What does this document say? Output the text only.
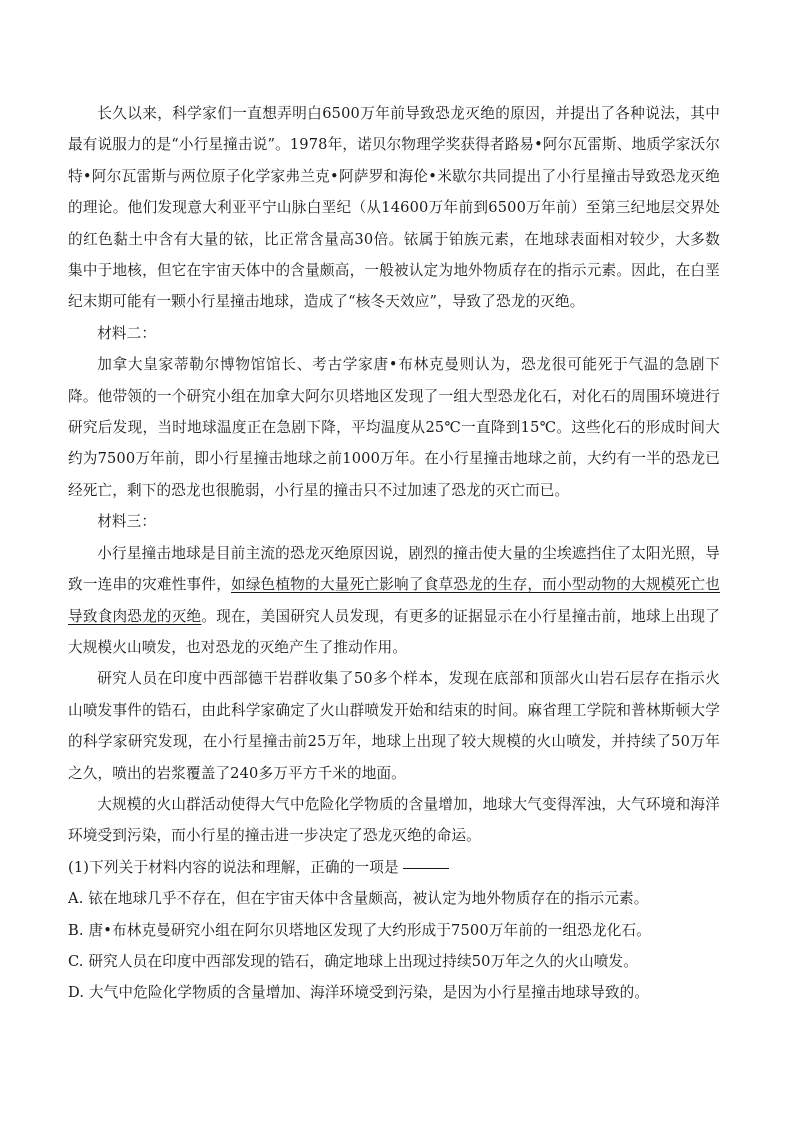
长久以来，科学家们一直想弄明白6500万年前导致恐龙灭绝的原因，并提出了各种说法，其中最有说服力的是“小行星撞击说”。1978年，诺贝尔物理学奖获得者路易•阿尔瓦雷斯、地质学家沃尔特•阿尔瓦雷斯与两位原子化学家弗兰克•阿萨罗和海伦•米歇尔共同提出了小行星撞击导致恐龙灭绝的理论。他们发现意大利亚平宁山脉白垩纪（从14600万年前到6500万年前）至第三纪地层交界处的红色黏土中含有大量的铱，比正常含量高30倍。铱属于铂族元素，在地球表面相对较少，大多数集中于地核，但它在宇宙天体中的含量颇高，一般被认定为地外物质存在的指示元素。因此，在白垩纪末期可能有一颗小行星撞击地球，造成了“核冬天效应”，导致了恐龙的灭绝。

材料二：

加拿大皇家蒂勒尔博物馆馆长、考古学家唐•布林克曼则认为，恐龙很可能死于气温的急剧下降。他带领的一个研究小组在加拿大阿尔贝塔地区发现了一组大型恐龙化石，对化石的周围环境进行研究后发现，当时地球温度正在急剧下降，平均温度从25℃一直降到15℃。这些化石的形成时间大约为7500万年前，即小行星撞击地球之前1000万年。在小行星撞击地球之前，大约有一半的恐龙已经死亡，剩下的恐龙也很脆弱，小行星的撞击只不过加速了恐龙的灭亡而已。

材料三：

小行星撞击地球是目前主流的恐龙灭绝原因说，剧烈的撞击使大量的尘埃遮挡住了太阳光照，导致一连串的灾难性事件，如绿色植物的大量死亡影响了食草恐龙的生存，而小型动物的大规模死亡也导致食肉恐龙的灭绝。现在，美国研究人员发现，有更多的证据显示在小行星撞击前，地球上出现了大规模火山喷发，也对恐龙的灭绝产生了推动作用。

研究人员在印度中西部德干岩群收集了50多个样本，发现在底部和顶部火山岩石层存在指示火山喷发事件的锆石，由此科学家确定了火山群喷发开始和结束的时间。麻省理工学院和普林斯顿大学的科学家研究发现，在小行星撞击前25万年，地球上出现了较大规模的火山喷发，并持续了50万年之久，喷出的岩浆覆盖了240多万平方千米的地面。

大规模的火山群活动使得大气中危险化学物质的含量增加，地球大气变得浑浊，大气环境和海洋环境受到污染，而小行星的撞击进一步决定了恐龙灭绝的命运。

(1)下列关于材料内容的说法和理解，正确的一项是

A. 铱在地球几乎不存在，但在宇宙天体中含量颇高，被认定为地外物质存在的指示元素。

B. 唐•布林克曼研究小组在阿尔贝塔地区发现了大约形成于7500万年前的一组恐龙化石。

C. 研究人员在印度中西部发现的锆石，确定地球上出现过持续50万年之久的火山喷发。

D. 大气中危险化学物质的含量增加、海洋环境受到污染，是因为小行星撞击地球导致的。
